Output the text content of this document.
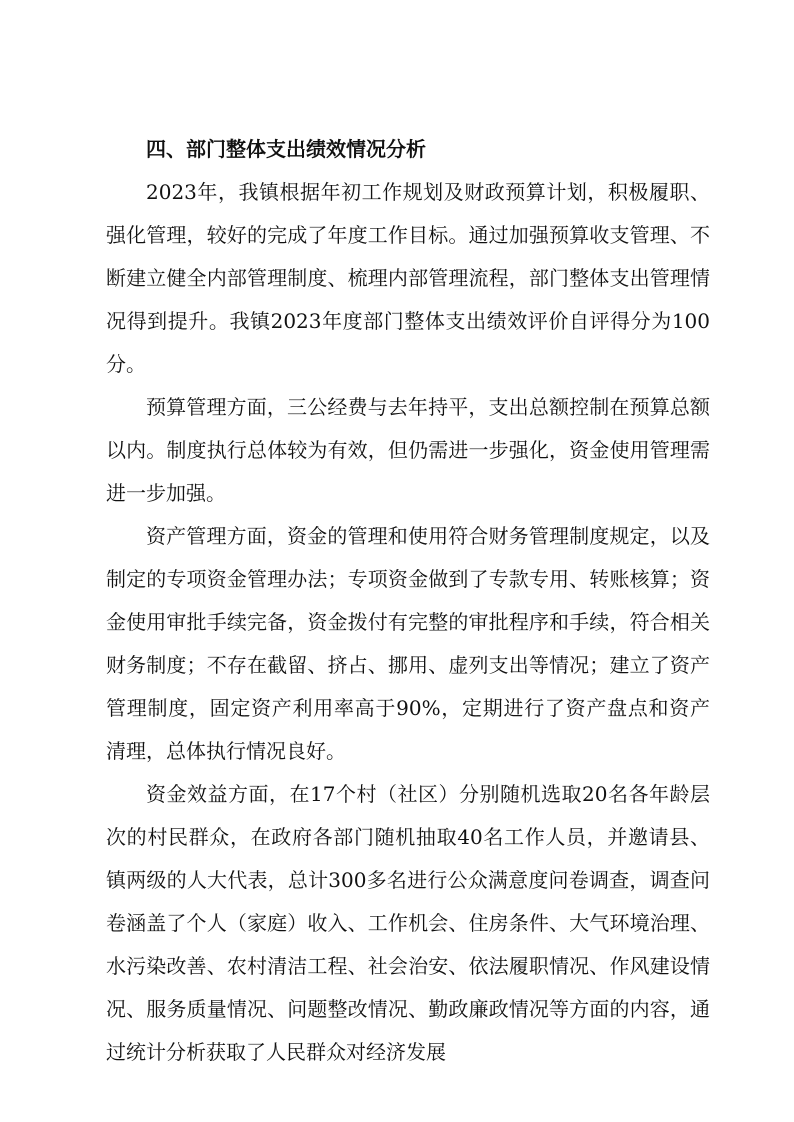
四、部门整体支出绩效情况分析

2023年，我镇根据年初工作规划及财政预算计划，积极履职、强化管理，较好的完成了年度工作目标。通过加强预算收支管理、不断建立健全内部管理制度、梳理内部管理流程，部门整体支出管理情况得到提升。我镇2023年度部门整体支出绩效评价自评得分为100分。

预算管理方面，三公经费与去年持平，支出总额控制在预算总额以内。制度执行总体较为有效，但仍需进一步强化，资金使用管理需进一步加强。

资产管理方面，资金的管理和使用符合财务管理制度规定，以及制定的专项资金管理办法；专项资金做到了专款专用、转账核算；资金使用审批手续完备，资金拨付有完整的审批程序和手续，符合相关财务制度；不存在截留、挤占、挪用、虚列支出等情况；建立了资产管理制度，固定资产利用率高于90%，定期进行了资产盘点和资产清理，总体执行情况良好。

资金效益方面，在17个村（社区）分别随机选取20名各年龄层次的村民群众，在政府各部门随机抽取40名工作人员，并邀请县、镇两级的人大代表，总计300多名进行公众满意度问卷调查，调查问卷涵盖了个人（家庭）收入、工作机会、住房条件、大气环境治理、水污染改善、农村清洁工程、社会治安、依法履职情况、作风建设情况、服务质量情况、问题整改情况、勤政廉政情况等方面的内容，通过统计分析获取了人民群众对经济发展
